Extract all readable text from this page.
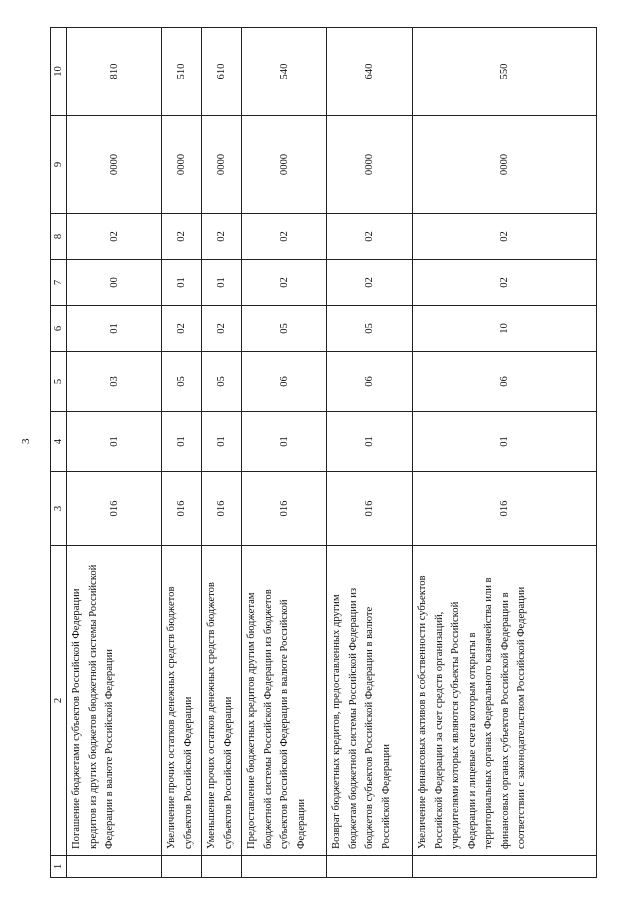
3
1	2	3	4	5	6	7	8	9	10
	Погашение бюджетами субъектов Российской Федерации кредитов из других бюджетов бюджетной системы Российской Федерации в валюте Российской Федерации	016	01	03	01	00	02	0000	810
	Увеличение прочих остатков денежных средств бюджетов субъектов Российской Федерации	016	01	05	02	01	02	0000	510
	Уменьшение прочих остатков денежных средств бюджетов субъектов Российской Федерации	016	01	05	02	01	02	0000	610
	Предоставление бюджетных кредитов другим бюджетам бюджетной системы Российской Федерации из бюджетов субъектов Российской Федерации в валюте Российской Федерации	016	01	06	05	02	02	0000	540
	Возврат бюджетных кредитов, предоставленных другим бюджетам бюджетной системы Российской Федерации из бюджетов субъектов Российской Федерации в валюте Российской Федерации	016	01	06	05	02	02	0000	640
	Увеличение финансовых активов в собственности субъектов Российской Федерации за счет средств организаций, учредителями которых являются субъекты Российской Федерации и лицевые счета которым открыты в территориальных органах Федерального казначейства или в финансовых органах субъектов Российской Федерации в соответствии с законодательством Российской Федерации	016	01	06	10	02	02	0000	550
